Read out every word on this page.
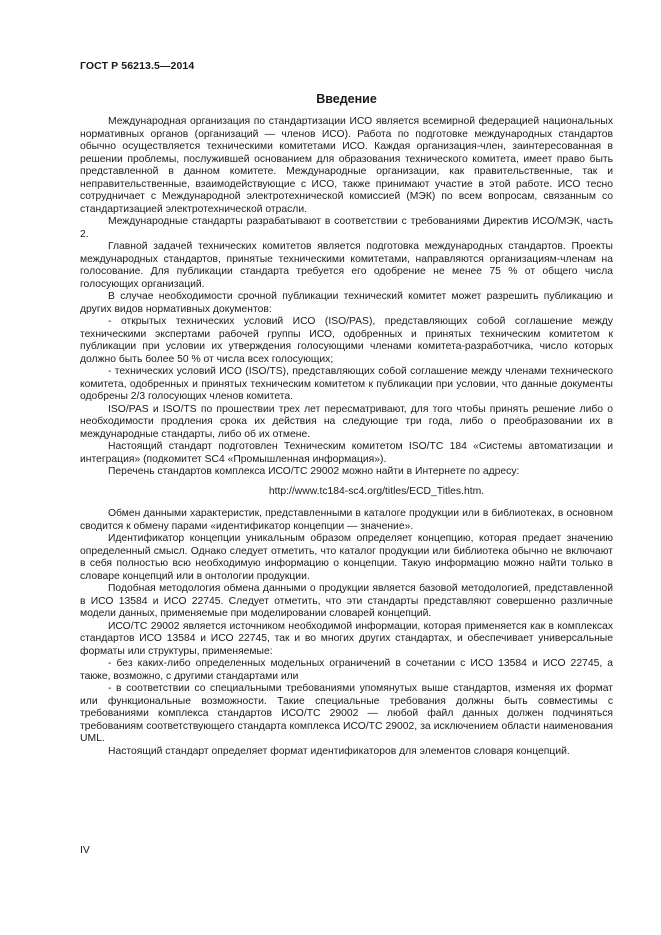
ГОСТ Р 56213.5—2014
Введение

Международная организация по стандартизации ИСО является всемирной федерацией национальных нормативных органов (организаций — членов ИСО). Работа по подготовке международных стандартов обычно осуществляется техническими комитетами ИСО. Каждая организация-член, заинтересованная в решении проблемы, послужившей основанием для образования технического комитета, имеет право быть представленной в данном комитете. Международные организации, как правительственные, так и неправительственные, взаимодействующие с ИСО, также принимают участие в этой работе. ИСО тесно сотрудничает с Международной электротехнической комиссией (МЭК) по всем вопросам, связанным со стандартизацией электротехнической отрасли.

Международные стандарты разрабатывают в соответствии с требованиями Директив ИСО/МЭК, часть 2.

Главной задачей технических комитетов является подготовка международных стандартов. Проекты международных стандартов, принятые техническими комитетами, направляются организациям-членам на голосование. Для публикации стандарта требуется его одобрение не менее 75 % от общего числа голосующих организаций.

В случае необходимости срочной публикации технический комитет может разрешить публикацию и других видов нормативных документов:

- открытых технических условий ИСО (ISO/PAS), представляющих собой соглашение между техническими экспертами рабочей группы ИСО, одобренных и принятых техническим комитетом к публикации при условии их утверждения голосующими членами комитета-разработчика, число которых должно быть более 50 % от числа всех голосующих;

- технических условий ИСО (ISO/TS), представляющих собой соглашение между членами технического комитета, одобренных и принятых техническим комитетом к публикации при условии, что данные документы одобрены 2/3 голосующих членов комитета.

ISO/PAS и ISO/TS по прошествии трех лет пересматривают, для того чтобы принять решение либо о необходимости продления срока их действия на следующие три года, либо о преобразовании их в международные стандарты, либо об их отмене.

Настоящий стандарт подготовлен Техническим комитетом ISO/TC 184 «Системы автоматизации и интеграция» (подкомитет SC4 «Промышленная информация»).

Перечень стандартов комплекса ИСО/ТС 29002 можно найти в Интернете по адресу:

http://www.tc184-sc4.org/titles/ECD_Titles.htm.

Обмен данными характеристик, представленными в каталоге продукции или в библиотеках, в основном сводится к обмену парами «идентификатор концепции — значение».

Идентификатор концепции уникальным образом определяет концепцию, которая предает значению определенный смысл. Однако следует отметить, что каталог продукции или библиотека обычно не включают в себя полностью всю необходимую информацию о концепции. Такую информацию можно найти только в словаре концепций или в онтологии продукции.

Подобная методология обмена данными о продукции является базовой методологией, представленной в ИСО 13584 и ИСО 22745. Следует отметить, что эти стандарты представляют совершенно различные модели данных, применяемые при моделировании словарей концепций.

ИСО/ТС 29002 является источником необходимой информации, которая применяется как в комплексах стандартов ИСО 13584 и ИСО 22745, так и во многих других стандартах, и обеспечивает универсальные форматы или структуры, применяемые:

- без каких-либо определенных модельных ограничений в сочетании с ИСО 13584 и ИСО 22745, а также, возможно, с другими стандартами или

- в соответствии со специальными требованиями упомянутых выше стандартов, изменяя их формат или функциональные возможности. Такие специальные требования должны быть совместимы с требованиями комплекса стандартов ИСО/ТС 29002 — любой файл данных должен подчиняться требованиям соответствующего стандарта комплекса ИСО/ТС 29002, за исключением области наименования UML.

Настоящий стандарт определяет формат идентификаторов для элементов словаря концепций.

IV
